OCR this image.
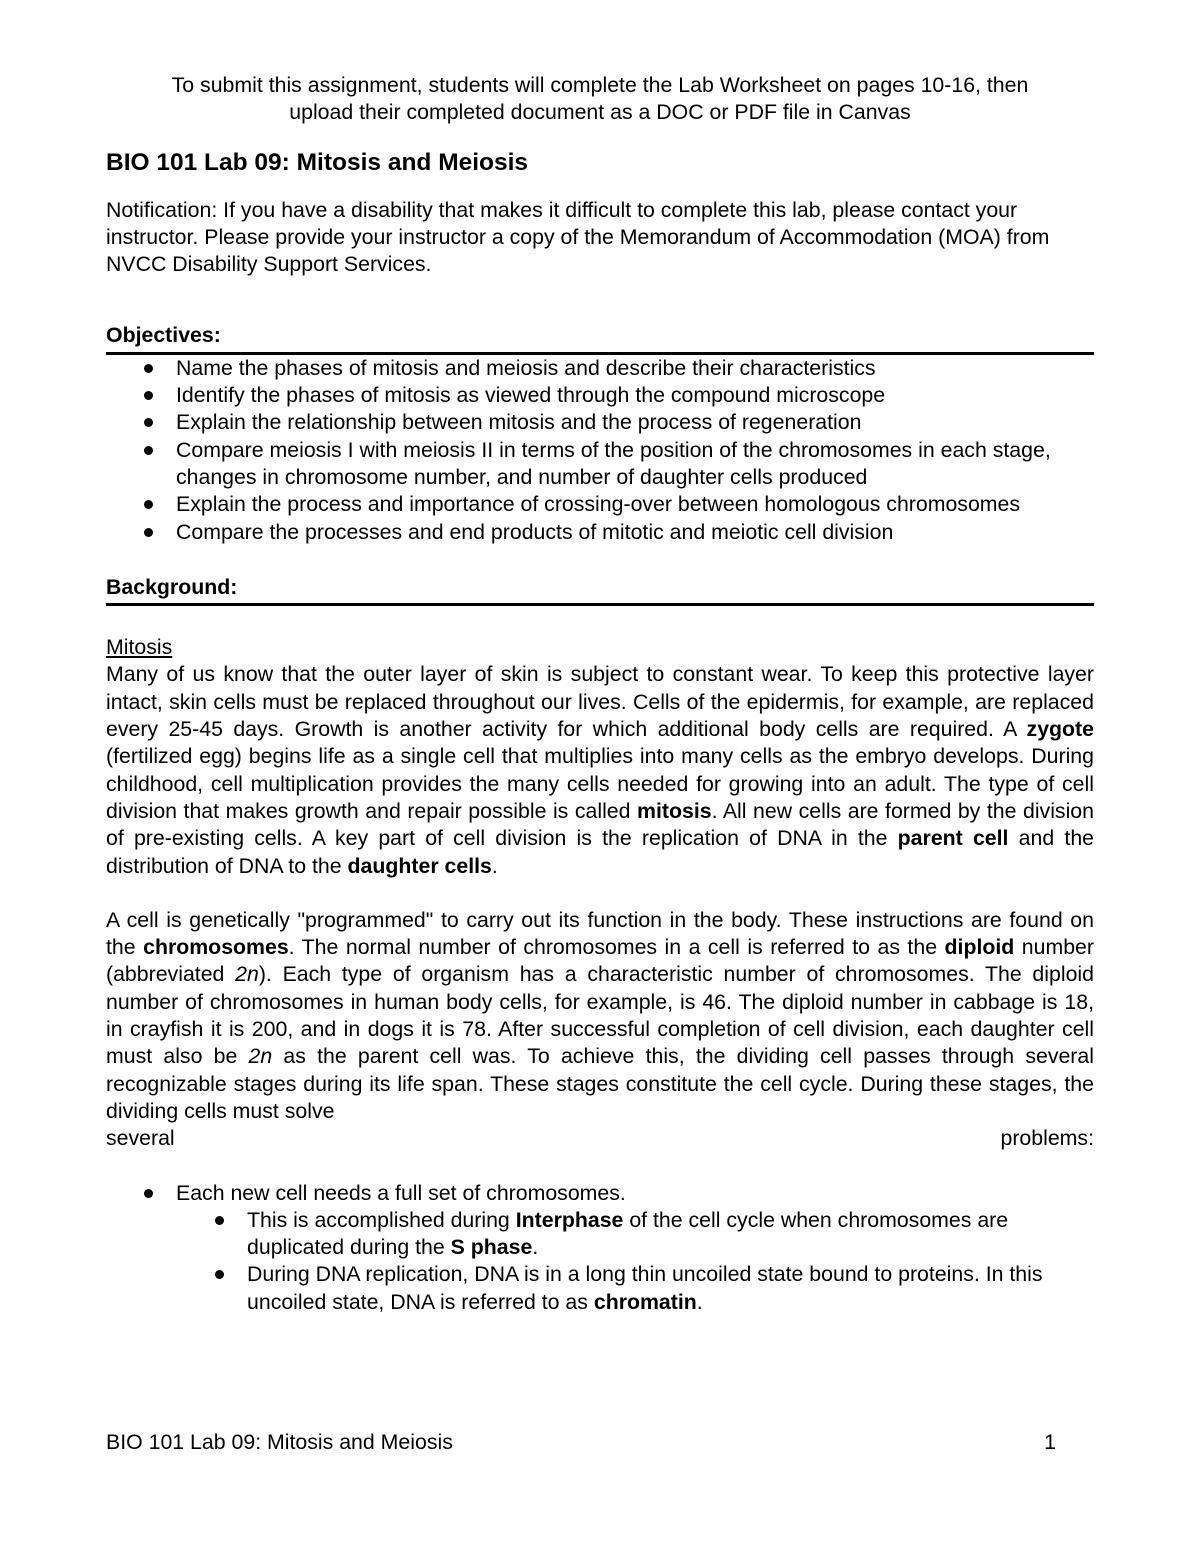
To submit this assignment, students will complete the Lab Worksheet on pages 10-16, then
upload their completed document as a DOC or PDF file in Canvas
BIO 101 Lab 09: Mitosis and Meiosis

Notification: If you have a disability that makes it difficult to complete this lab, please contact your instructor. Please provide your instructor a copy of the Memorandum of Accommodation (MOA) from NVCC Disability Support Services.

Objectives:
Name the phases of mitosis and meiosis and describe their characteristics
Identify the phases of mitosis as viewed through the compound microscope
Explain the relationship between mitosis and the process of regeneration
Compare meiosis I with meiosis II in terms of the position of the chromosomes in each stage, changes in chromosome number, and number of daughter cells produced
Explain the process and importance of crossing-over between homologous chromosomes
Compare the processes and end products of mitotic and meiotic cell division
Background:
Mitosis

Many of us know that the outer layer of skin is subject to constant wear. To keep this protective layer intact, skin cells must be replaced throughout our lives. Cells of the epidermis, for example, are replaced every 25-45 days. Growth is another activity for which additional body cells are required. A zygote (fertilized egg) begins life as a single cell that multiplies into many cells as the embryo develops. During childhood, cell multiplication provides the many cells needed for growing into an adult. The type of cell division that makes growth and repair possible is called mitosis. All new cells are formed by the division of pre-existing cells. A key part of cell division is the replication of DNA in the parent cell and the distribution of DNA to the daughter cells.

A cell is genetically "programmed" to carry out its function in the body. These instructions are found on the chromosomes. The normal number of chromosomes in a cell is referred to as the diploid number (abbreviated 2n). Each type of organism has a characteristic number of chromosomes. The diploid number of chromosomes in human body cells, for example, is 46. The diploid number in cabbage is 18, in crayfish it is 200, and in dogs it is 78. After successful completion of cell division, each daughter cell must also be 2n as the parent cell was. To achieve this, the dividing cell passes through several recognizable stages during its life span. These stages constitute the cell cycle. During these stages, the dividing cells must solve

several	problems:
Each new cell needs a full set of chromosomes.
This is accomplished during Interphase of the cell cycle when chromosomes are duplicated during the S phase.
During DNA replication, DNA is in a long thin uncoiled state bound to proteins. In this uncoiled state, DNA is referred to as chromatin.
BIO 101 Lab 09: Mitosis and Meiosis	1
